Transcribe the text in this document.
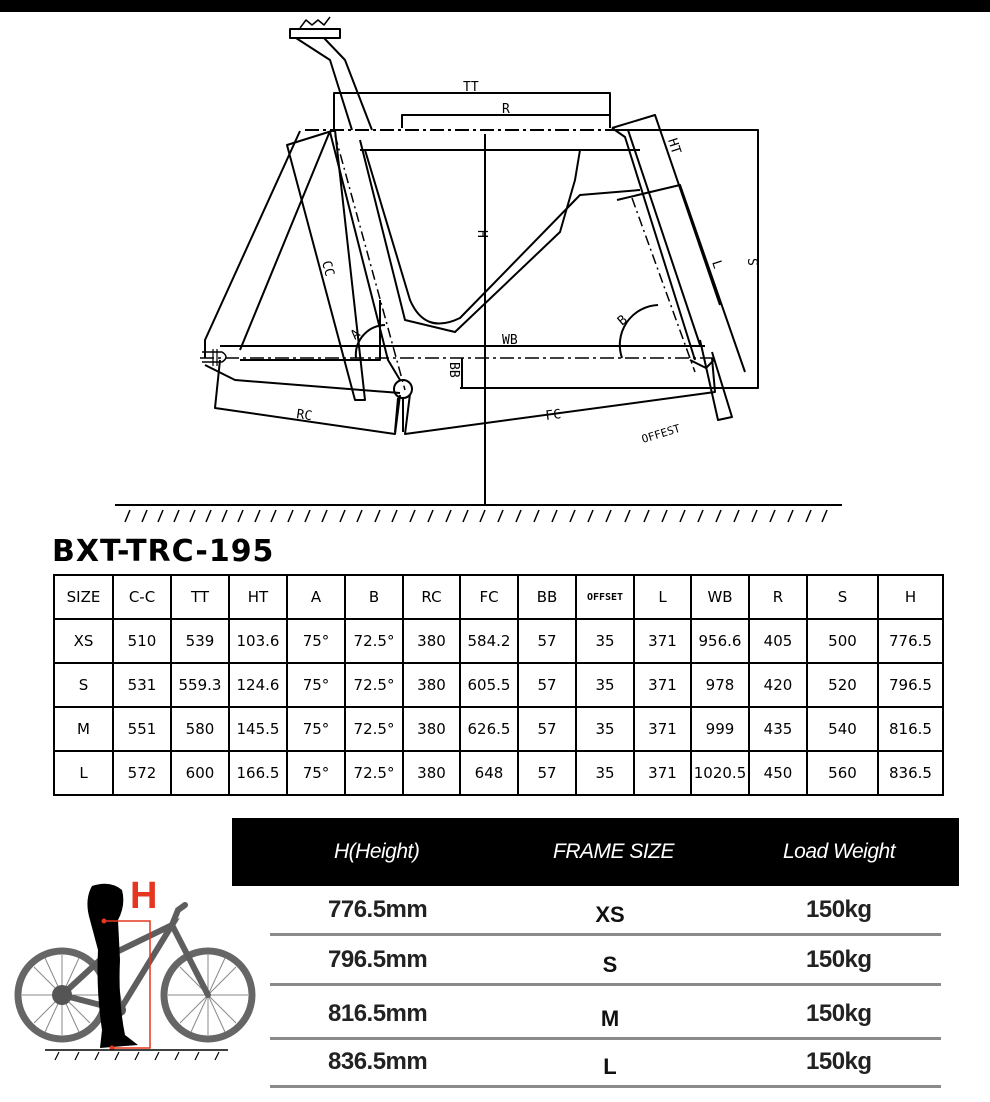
TT
R
HT
H
S
L
CC
A
B
WB
BB
RC	FC
OFFEST
BXT-TRC-195
SIZE	C-C	TT	HT	A	B	RC	FC	BB	OFFSET	L	WB	R	S	H
XS	510	539	103.6	75°	72.5°	380	584.2	57	35	371	956.6	405	500	776.5
S	531	559.3	124.6	75°	72.5°	380	605.5	57	35	371	978	420	520	796.5
M	551	580	145.5	75°	72.5°	380	626.5	57	35	371	999	435	540	816.5
L	572	600	166.5	75°	72.5°	380	648	57	35	371	1020.5	450	560	836.5
H
H(Height)	FRAME SIZE	Load Weight
776.5mm	XS	150kg
796.5mm	S	150kg
816.5mm	M	150kg
836.5mm	L	150kg
